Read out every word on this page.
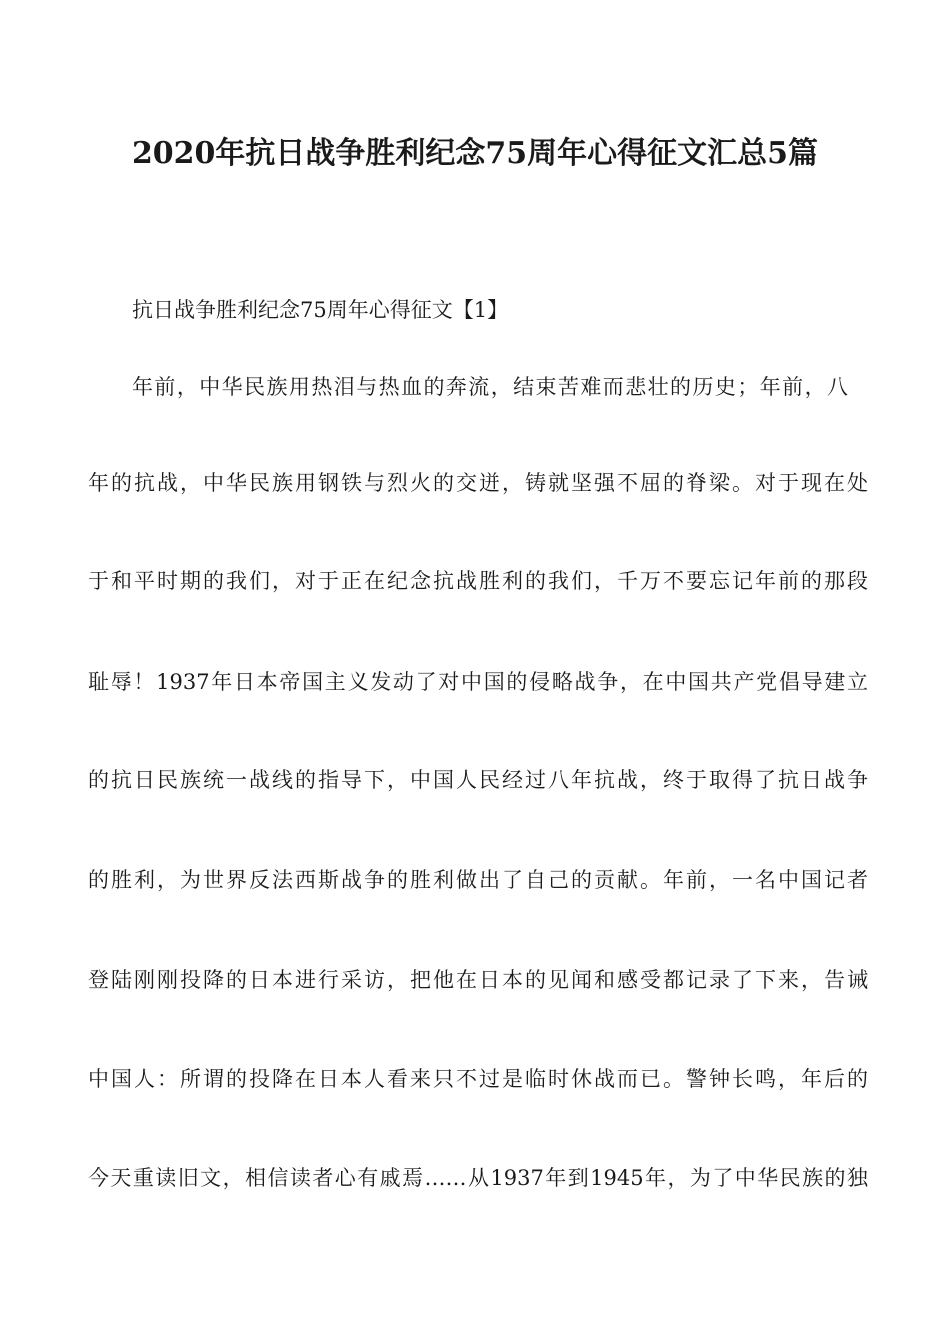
2020年抗日战争胜利纪念75周年心得征文汇总5篇
抗日战争胜利纪念75周年心得征文【1】
年前，中华民族用热泪与热血的奔流，结束苦难而悲壮的历史；年前，八
年的抗战，中华民族用钢铁与烈火的交迸，铸就坚强不屈的脊梁。对于现在处
于和平时期的我们，对于正在纪念抗战胜利的我们，千万不要忘记年前的那段
耻辱！1937年日本帝国主义发动了对中国的侵略战争，在中国共产党倡导建立
的抗日民族统一战线的指导下，中国人民经过八年抗战，终于取得了抗日战争
的胜利，为世界反法西斯战争的胜利做出了自己的贡献。年前，一名中国记者
登陆刚刚投降的日本进行采访，把他在日本的见闻和感受都记录了下来，告诫
中国人：所谓的投降在日本人看来只不过是临时休战而已。警钟长鸣，年后的
今天重读旧文，相信读者心有戚焉……从1937年到1945年，为了中华民族的独
